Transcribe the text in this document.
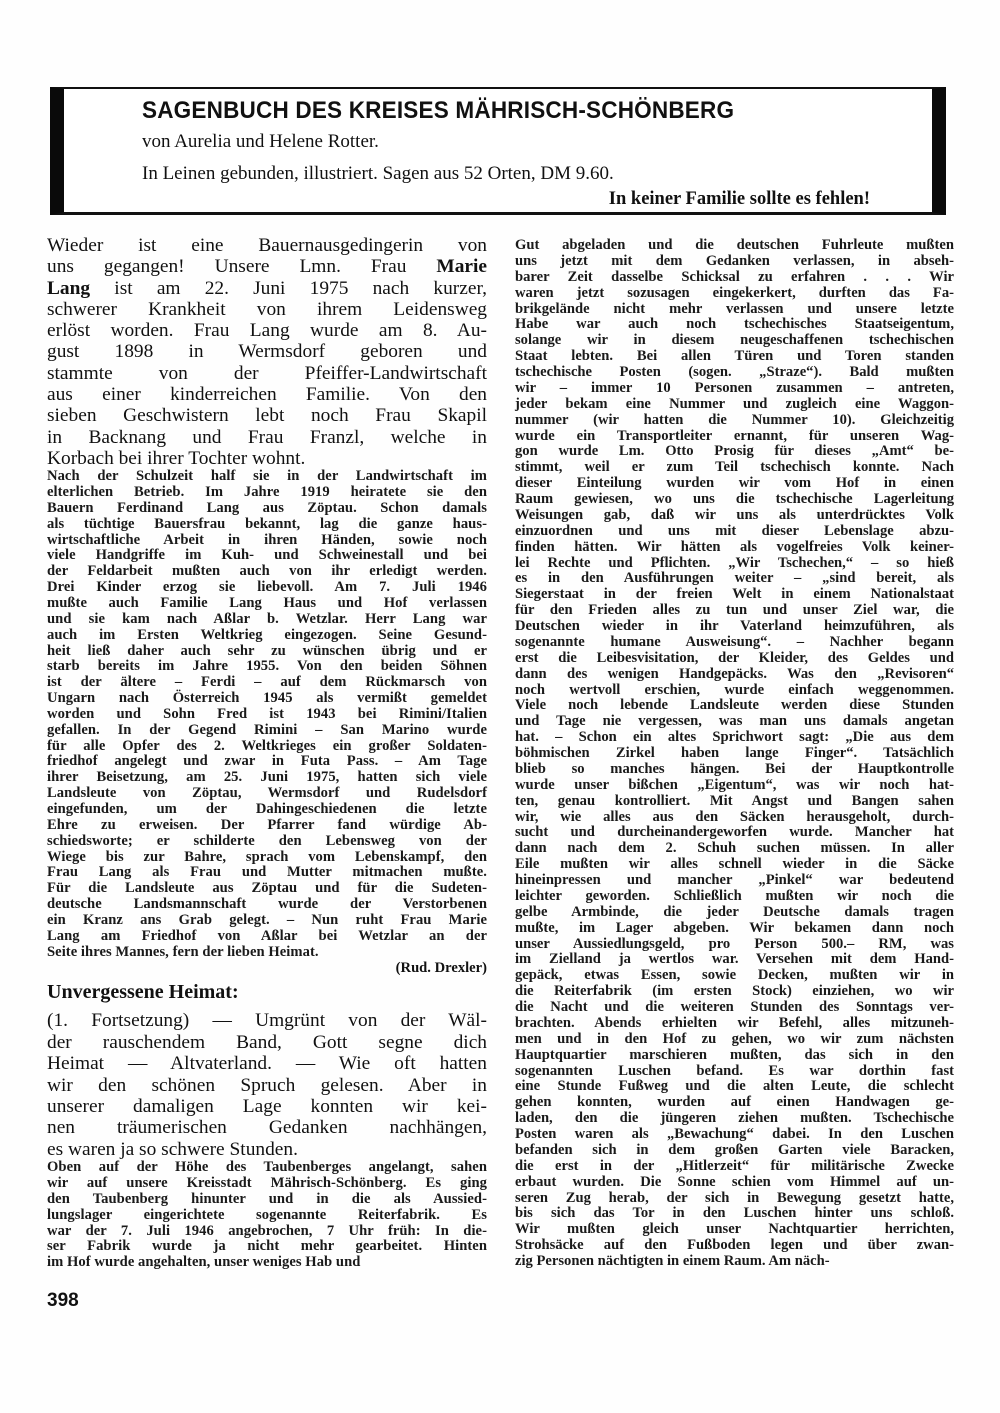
SAGENBUCH DES KREISES MÄHRISCH-SCHÖNBERG
von Aurelia und Helene Rotter.
In Leinen gebunden, illustriert. Sagen aus 52 Orten, DM 9.60.
In keiner Familie sollte es fehlen!
Wieder ist eine Bauernausgedingerin von
uns gegangen! Unsere Lmn. Frau Marie
Lang ist am 22. Juni 1975 nach kurzer,
schwerer Krankheit von ihrem Leidensweg
erlöst worden. Frau Lang wurde am 8. Au-
gust 1898 in Wermsdorf geboren und
stammte von der Pfeiffer-Landwirtschaft
aus einer kinderreichen Familie. Von den
sieben Geschwistern lebt noch Frau Skapil
in Backnang und Frau Franzl, welche in
Korbach bei ihrer Tochter wohnt.
Nach der Schulzeit half sie in der Landwirtschaft im
elterlichen Betrieb. Im Jahre 1919 heiratete sie den
Bauern Ferdinand Lang aus Zöptau. Schon damals
als tüchtige Bauersfrau bekannt, lag die ganze haus-
wirtschaftliche Arbeit in ihren Händen, sowie noch
viele Handgriffe im Kuh- und Schweinestall und bei
der Feldarbeit mußten auch von ihr erledigt werden.
Drei Kinder erzog sie liebevoll. Am 7. Juli 1946
mußte auch Familie Lang Haus und Hof verlassen
und sie kam nach Aßlar b. Wetzlar. Herr Lang war
auch im Ersten Weltkrieg eingezogen. Seine Gesund-
heit ließ daher auch sehr zu wünschen übrig und er
starb bereits im Jahre 1955. Von den beiden Söhnen
ist der ältere – Ferdi – auf dem Rückmarsch von
Ungarn nach Österreich 1945 als vermißt gemeldet
worden und Sohn Fred ist 1943 bei Rimini/Italien
gefallen. In der Gegend Rimini – San Marino wurde
für alle Opfer des 2. Weltkrieges ein großer Soldaten-
friedhof angelegt und zwar in Futa Pass. – Am Tage
ihrer Beisetzung, am 25. Juni 1975, hatten sich viele
Landsleute von Zöptau, Wermsdorf und Rudelsdorf
eingefunden, um der Dahingeschiedenen die letzte
Ehre zu erweisen. Der Pfarrer fand würdige Ab-
schiedsworte; er schilderte den Lebensweg von der
Wiege bis zur Bahre, sprach vom Lebenskampf, den
Frau Lang als Frau und Mutter mitmachen mußte.
Für die Landsleute aus Zöptau und für die Sudeten-
deutsche Landsmannschaft wurde der Verstorbenen
ein Kranz ans Grab gelegt. – Nun ruht Frau Marie
Lang am Friedhof von Aßlar bei Wetzlar an der
Seite ihres Mannes, fern der lieben Heimat.
(Rud. Drexler)
Unvergessene Heimat:
(1. Fortsetzung) — Umgrünt von der Wäl-
der rauschendem Band, Gott segne dich
Heimat — Altvaterland. — Wie oft hatten
wir den schönen Spruch gelesen. Aber in
unserer damaligen Lage konnten wir kei-
nen träumerischen Gedanken nachhängen,
es waren ja so schwere Stunden.
Oben auf der Höhe des Taubenberges angelangt, sahen
wir auf unsere Kreisstadt Mährisch-Schönberg. Es ging
den Taubenberg hinunter und in die als Aussied-
lungslager eingerichtete sogenannte Reiterfabrik. Es
war der 7. Juli 1946 angebrochen, 7 Uhr früh: In die-
ser Fabrik wurde ja nicht mehr gearbeitet. Hinten
im Hof wurde angehalten, unser weniges Hab und
Gut abgeladen und die deutschen Fuhrleute mußten
uns jetzt mit dem Gedanken verlassen, in abseh-
barer Zeit dasselbe Schicksal zu erfahren . . . Wir
waren jetzt sozusagen eingekerkert, durften das Fa-
brikgelände nicht mehr verlassen und unsere letzte
Habe war auch noch tschechisches Staatseigentum,
solange wir in diesem neugeschaffenen tschechischen
Staat lebten. Bei allen Türen und Toren standen
tschechische Posten (sogen. „Straze“). Bald mußten
wir – immer 10 Personen zusammen – antreten,
jeder bekam eine Nummer und zugleich eine Waggon-
nummer (wir hatten die Nummer 10). Gleichzeitig
wurde ein Transportleiter ernannt, für unseren Wag-
gon wurde Lm. Otto Prosig für dieses „Amt“ be-
stimmt, weil er zum Teil tschechisch konnte. Nach
dieser Einteilung wurden wir vom Hof in einen
Raum gewiesen, wo uns die tschechische Lagerleitung
Weisungen gab, daß wir uns als unterdrücktes Volk
einzuordnen und uns mit dieser Lebenslage abzu-
finden hätten. Wir hätten als vogelfreies Volk keiner-
lei Rechte und Pflichten. „Wir Tschechen,“ – so hieß
es in den Ausführungen weiter – „sind bereit, als
Siegerstaat in der freien Welt in einem Nationalstaat
für den Frieden alles zu tun und unser Ziel war, die
Deutschen wieder in ihr Vaterland heimzuführen, als
sogenannte humane Ausweisung“. – Nachher begann
erst die Leibesvisitation, der Kleider, des Geldes und
dann des wenigen Handgepäcks. Was den „Revisoren“
noch wertvoll erschien, wurde einfach weggenommen.
Viele noch lebende Landsleute werden diese Stunden
und Tage nie vergessen, was man uns damals angetan
hat. – Schon ein altes Sprichwort sagt: „Die aus dem
böhmischen Zirkel haben lange Finger“. Tatsächlich
blieb so manches hängen. Bei der Hauptkontrolle
wurde unser bißchen „Eigentum“, was wir noch hat-
ten, genau kontrolliert. Mit Angst und Bangen sahen
wir, wie alles aus den Säcken herausgeholt, durch-
sucht und durcheinandergeworfen wurde. Mancher hat
dann nach dem 2. Schuh suchen müssen. In aller
Eile mußten wir alles schnell wieder in die Säcke
hineinpressen und mancher „Pinkel“ war bedeutend
leichter geworden. Schließlich mußten wir noch die
gelbe Armbinde, die jeder Deutsche damals tragen
mußte, im Lager abgeben. Wir bekamen dann noch
unser Aussiedlungsgeld, pro Person 500.– RM, was
im Zielland ja wertlos war. Versehen mit dem Hand-
gepäck, etwas Essen, sowie Decken, mußten wir in
die Reiterfabrik (im ersten Stock) einziehen, wo wir
die Nacht und die weiteren Stunden des Sonntags ver-
brachten. Abends erhielten wir Befehl, alles mitzuneh-
men und in den Hof zu gehen, wo wir zum nächsten
Hauptquartier marschieren mußten, das sich in den
sogenannten Luschen befand. Es war dorthin fast
eine Stunde Fußweg und die alten Leute, die schlecht
gehen konnten, wurden auf einen Handwagen ge-
laden, den die jüngeren ziehen mußten. Tschechische
Posten waren als „Bewachung“ dabei. In den Luschen
befanden sich in dem großen Garten viele Baracken,
die erst in der „Hitlerzeit“ für militärische Zwecke
erbaut wurden. Die Sonne schien vom Himmel auf un-
seren Zug herab, der sich in Bewegung gesetzt hatte,
bis sich das Tor in den Luschen hinter uns schloß.
Wir mußten gleich unser Nachtquartier herrichten,
Strohsäcke auf den Fußboden legen und über zwan-
zig Personen nächtigten in einem Raum. Am näch-
398
